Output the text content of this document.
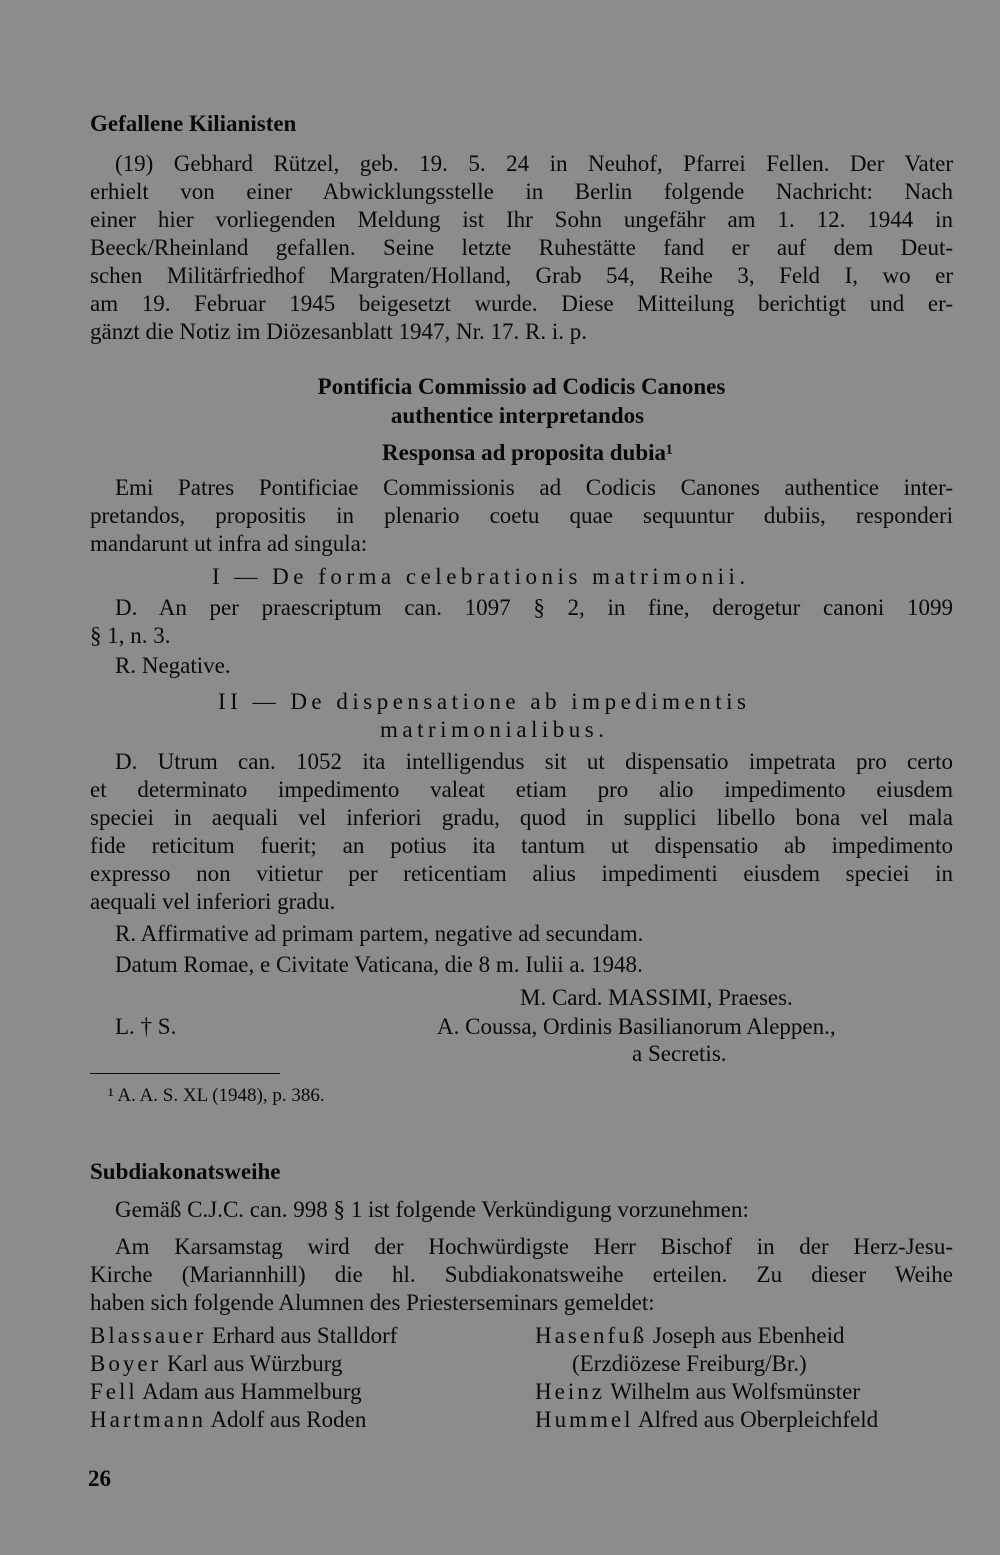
Gefallene Kilianisten
(19) Gebhard Rützel, geb. 19. 5. 24 in Neuhof, Pfarrei Fellen. Der Vater
erhielt von einer Abwicklungsstelle in Berlin folgende Nachricht: Nach
einer hier vorliegenden Meldung ist Ihr Sohn ungefähr am 1. 12. 1944 in
Beeck/Rheinland gefallen. Seine letzte Ruhestätte fand er auf dem Deut-
schen Militärfriedhof Margraten/Holland, Grab 54, Reihe 3, Feld I, wo er
am 19. Februar 1945 beigesetzt wurde. Diese Mitteilung berichtigt und er-
gänzt die Notiz im Diözesanblatt 1947, Nr. 17. R. i. p.
Pontificia Commissio ad Codicis Canones
authentice interpretandos
Responsa ad proposita dubia¹
Emi Patres Pontificiae Commissionis ad Codicis Canones authentice inter-
pretandos, propositis in plenario coetu quae sequuntur dubiis, responderi
mandarunt ut infra ad singula:
I — De forma celebrationis matrimonii.
D. An per praescriptum can. 1097 § 2, in fine, derogetur canoni 1099
§ 1, n. 3.
R. Negative.
II — De dispensatione ab impedimentis
matrimonialibus.
D. Utrum can. 1052 ita intelligendus sit ut dispensatio impetrata pro certo
et determinato impedimento valeat etiam pro alio impedimento eiusdem
speciei in aequali vel inferiori gradu, quod in supplici libello bona vel mala
fide reticitum fuerit; an potius ita tantum ut dispensatio ab impedimento
expresso non vitietur per reticentiam alius impedimenti eiusdem speciei in
aequali vel inferiori gradu.
R. Affirmative ad primam partem, negative ad secundam.
Datum Romae, e Civitate Vaticana, die 8 m. Iulii a. 1948.
M. Card. MASSIMI, Praeses.
L. † S.	A. Coussa, Ordinis Basilianorum Aleppen.,
a Secretis.
¹ A. A. S. XL (1948), p. 386.
Subdiakonatsweihe
Gemäß C.J.C. can. 998 § 1 ist folgende Verkündigung vorzunehmen:
Am Karsamstag wird der Hochwürdigste Herr Bischof in der Herz-Jesu-
Kirche (Mariannhill) die hl. Subdiakonatsweihe erteilen. Zu dieser Weihe
haben sich folgende Alumnen des Priesterseminars gemeldet:
Blassauer Erhard aus Stalldorf
Boyer Karl aus Würzburg
Fell Adam aus Hammelburg
Hartmann Adolf aus Roden
Hasenfuß Joseph aus Ebenheid
(Erzdiözese Freiburg/Br.)
Heinz Wilhelm aus Wolfsmünster
Hummel Alfred aus Oberpleichfeld
26
